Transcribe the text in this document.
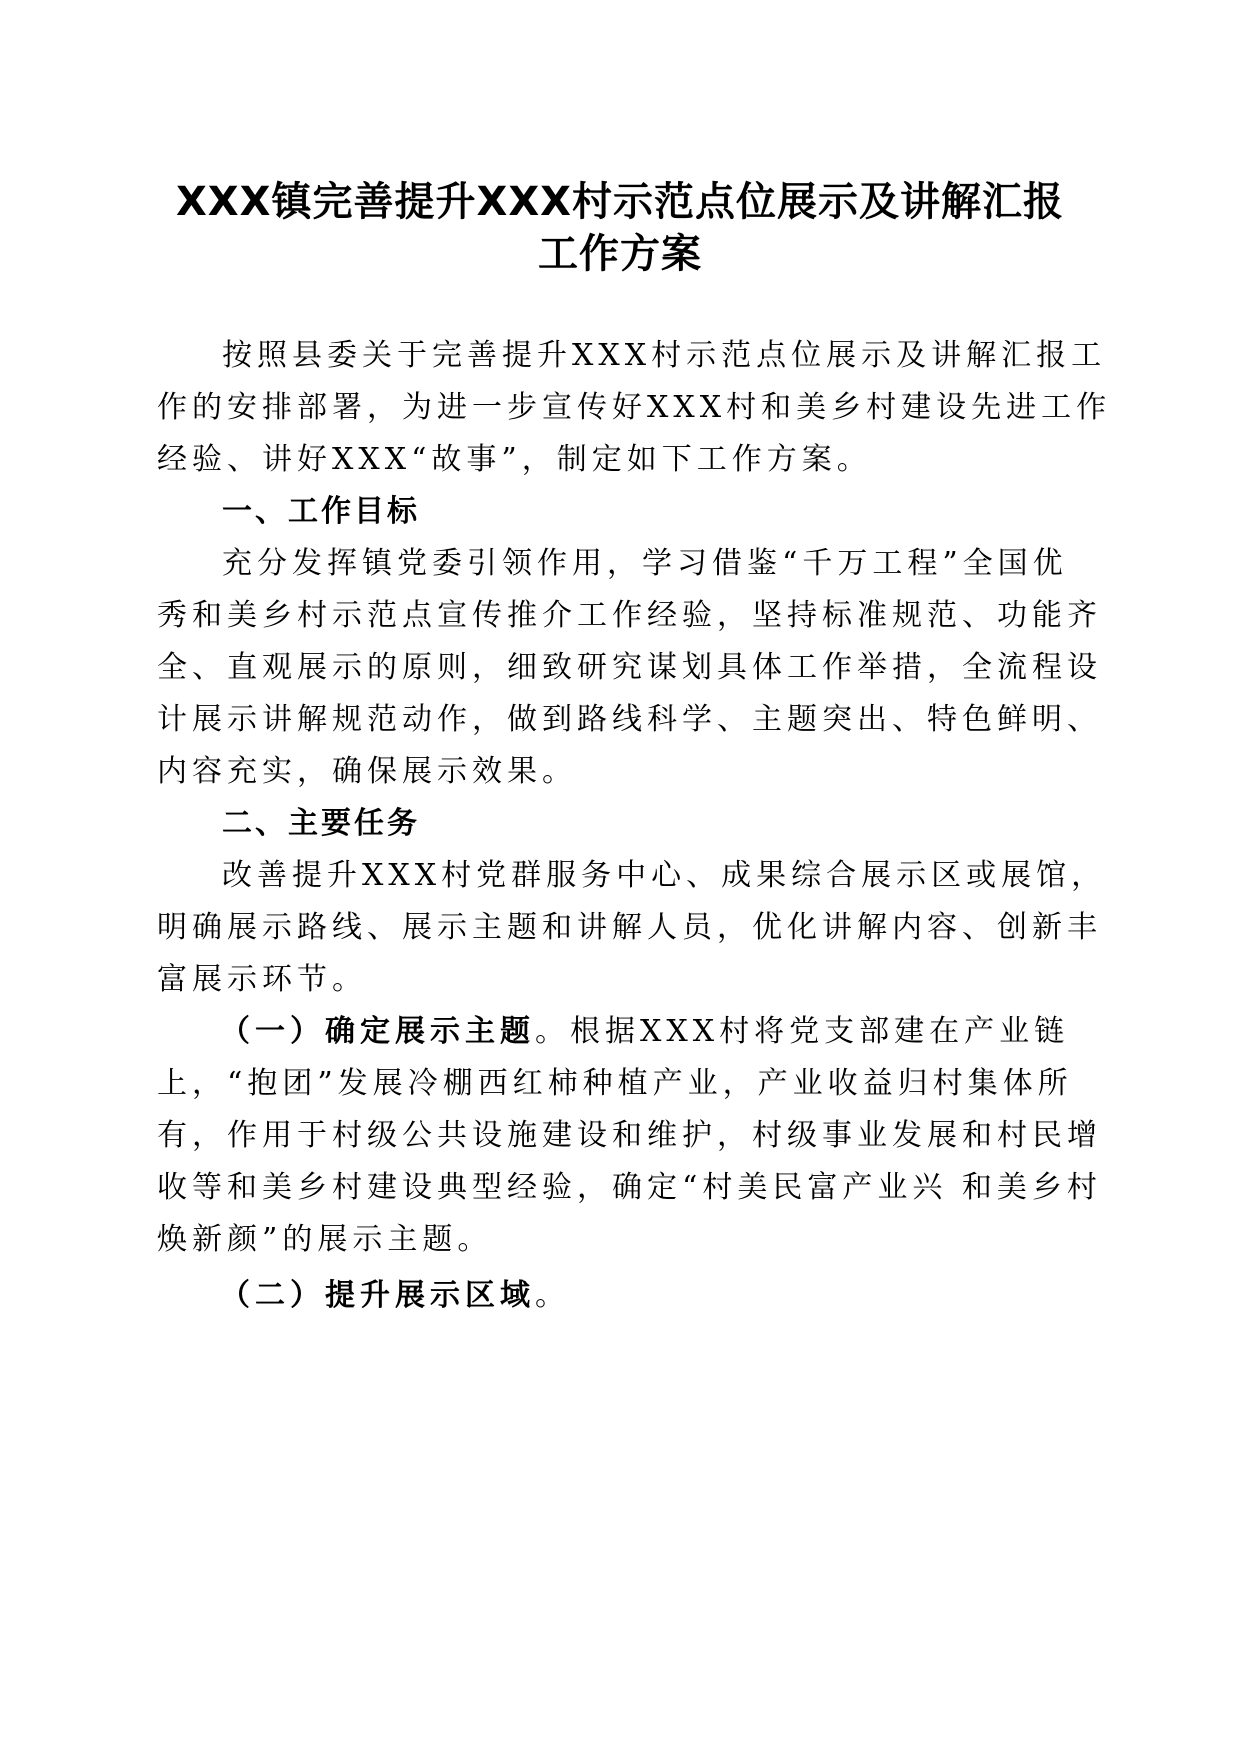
XXX镇完善提升XXX村示范点位展示及讲解汇报
工作方案
按照县委关于完善提升XXX村示范点位展示及讲解汇报工
作的安排部署，为进一步宣传好XXX村和美乡村建设先进工作
经验、讲好XXX“故事”，制定如下工作方案。
一、工作目标
充分发挥镇党委引领作用，学习借鉴“千万工程”全国优
秀和美乡村示范点宣传推介工作经验，坚持标准规范、功能齐
全、直观展示的原则，细致研究谋划具体工作举措，全流程设
计展示讲解规范动作，做到路线科学、主题突出、特色鲜明、
内容充实，确保展示效果。
二、主要任务
改善提升XXX村党群服务中心、成果综合展示区或展馆，
明确展示路线、展示主题和讲解人员，优化讲解内容、创新丰
富展示环节。
（一）确定展示主题。根据XXX村将党支部建在产业链
上，“抱团”发展冷棚西红柿种植产业，产业收益归村集体所
有，作用于村级公共设施建设和维护，村级事业发展和村民增
收等和美乡村建设典型经验，确定“村美民富产业兴 和美乡村
焕新颜”的展示主题。
（二）提升展示区域。
